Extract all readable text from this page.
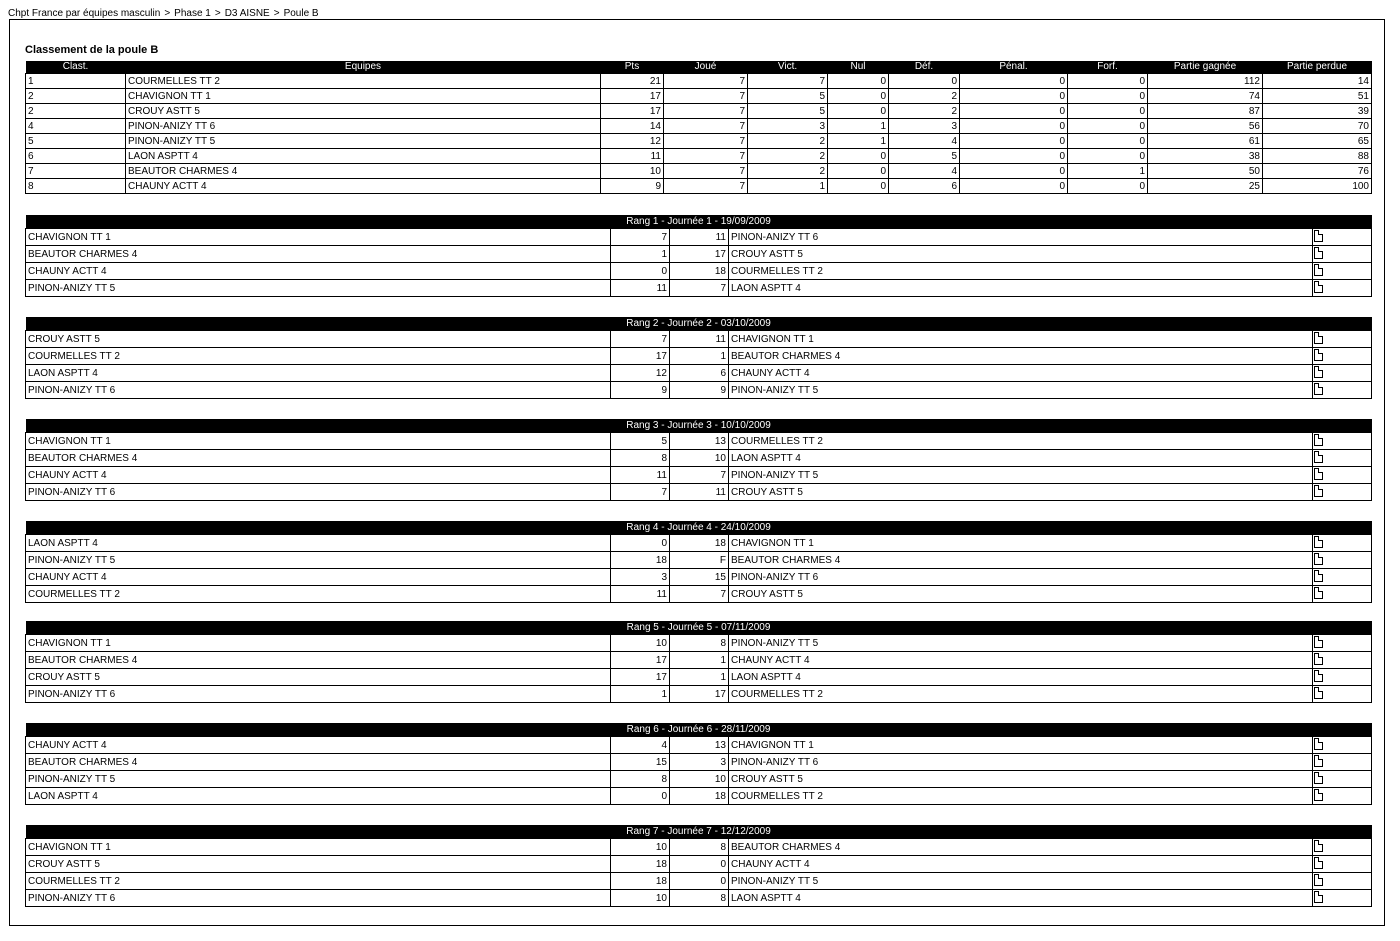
Chpt France par équipes masculin > Phase 1 > D3 AISNE > Poule B
Classement de la poule B
Clast.	Equipes	Pts	Joué	Vict.	Nul	Déf.	Pénal.	Forf.	Partie gagnée	Partie perdue
1	COURMELLES TT 2	21	7	7	0	0	0	0	112	14
2	CHAVIGNON TT 1	17	7	5	0	2	0	0	74	51
2	CROUY ASTT 5	17	7	5	0	2	0	0	87	39
4	PINON-ANIZY TT 6	14	7	3	1	3	0	0	56	70
5	PINON-ANIZY TT 5	12	7	2	1	4	0	0	61	65
6	LAON ASPTT 4	11	7	2	0	5	0	0	38	88
7	BEAUTOR CHARMES 4	10	7	2	0	4	0	1	50	76
8	CHAUNY ACTT 4	9	7	1	0	6	0	0	25	100
Rang 1 - Journée 1 - 19/09/2009				
CHAVIGNON TT 1	7	11	PINON-ANIZY TT 6	

BEAUTOR CHARMES 4	1	17	CROUY ASTT 5	

CHAUNY ACTT 4	0	18	COURMELLES TT 2	

PINON-ANIZY TT 5	11	7	LAON ASPTT 4	
Rang 2 - Journée 2 - 03/10/2009				
CROUY ASTT 5	7	11	CHAVIGNON TT 1	

COURMELLES TT 2	17	1	BEAUTOR CHARMES 4	

LAON ASPTT 4	12	6	CHAUNY ACTT 4	

PINON-ANIZY TT 6	9	9	PINON-ANIZY TT 5	
Rang 3 - Journée 3 - 10/10/2009				
CHAVIGNON TT 1	5	13	COURMELLES TT 2	

BEAUTOR CHARMES 4	8	10	LAON ASPTT 4	

CHAUNY ACTT 4	11	7	PINON-ANIZY TT 5	

PINON-ANIZY TT 6	7	11	CROUY ASTT 5	
Rang 4 - Journée 4 - 24/10/2009				
LAON ASPTT 4	0	18	CHAVIGNON TT 1	

PINON-ANIZY TT 5	18	F	BEAUTOR CHARMES 4	

CHAUNY ACTT 4	3	15	PINON-ANIZY TT 6	

COURMELLES TT 2	11	7	CROUY ASTT 5	
Rang 5 - Journée 5 - 07/11/2009				
CHAVIGNON TT 1	10	8	PINON-ANIZY TT 5	

BEAUTOR CHARMES 4	17	1	CHAUNY ACTT 4	

CROUY ASTT 5	17	1	LAON ASPTT 4	

PINON-ANIZY TT 6	1	17	COURMELLES TT 2	
Rang 6 - Journée 6 - 28/11/2009				
CHAUNY ACTT 4	4	13	CHAVIGNON TT 1	

BEAUTOR CHARMES 4	15	3	PINON-ANIZY TT 6	

PINON-ANIZY TT 5	8	10	CROUY ASTT 5	

LAON ASPTT 4	0	18	COURMELLES TT 2	
Rang 7 - Journée 7 - 12/12/2009				
CHAVIGNON TT 1	10	8	BEAUTOR CHARMES 4	

CROUY ASTT 5	18	0	CHAUNY ACTT 4	

COURMELLES TT 2	18	0	PINON-ANIZY TT 5	

PINON-ANIZY TT 6	10	8	LAON ASPTT 4	
